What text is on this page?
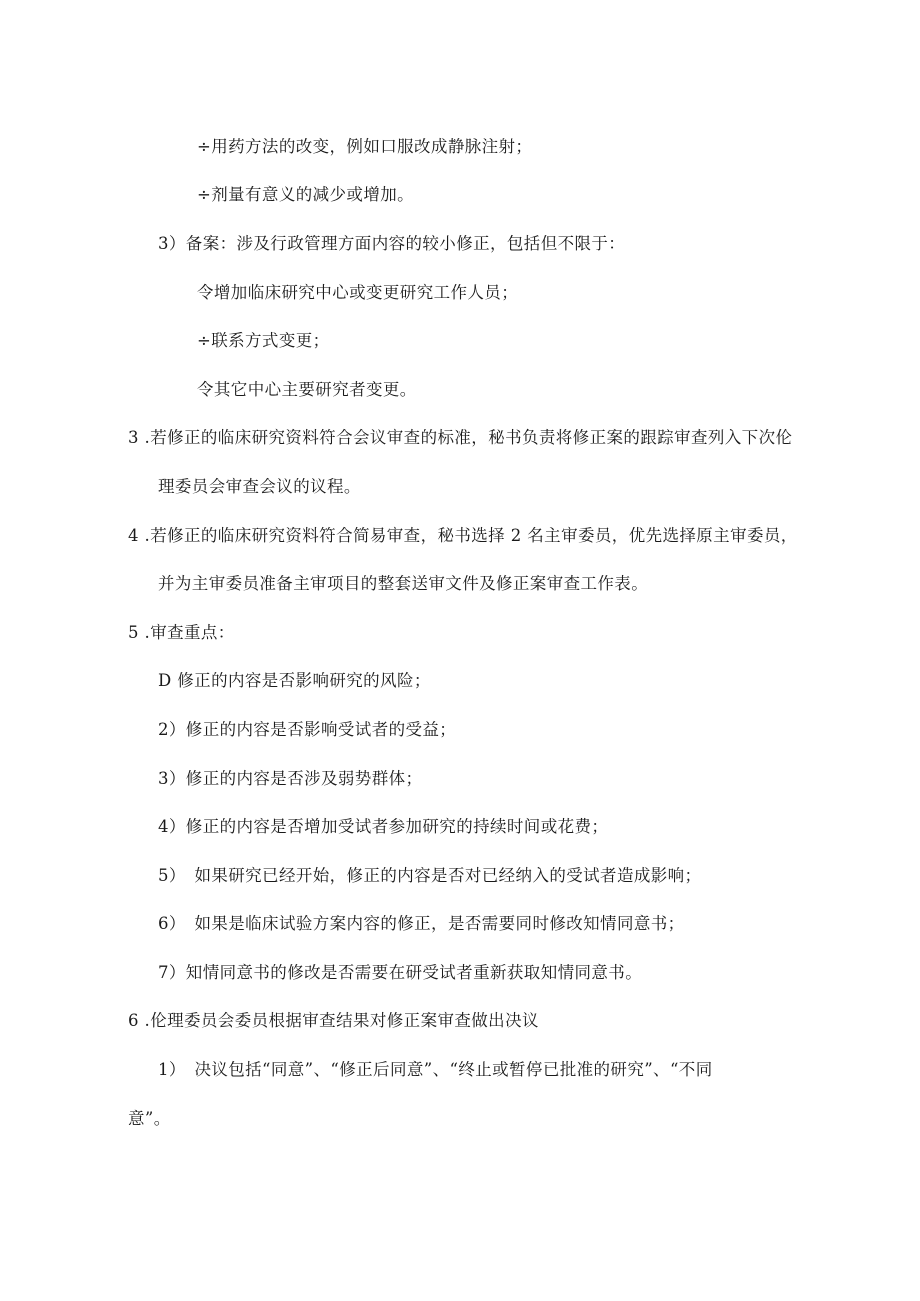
÷用药方法的改变，例如口服改成静脉注射；
÷剂量有意义的减少或增加。
3）备案：涉及行政管理方面内容的较小修正，包括但不限于：
令增加临床研究中心或变更研究工作人员；
÷联系方式变更；
令其它中心主要研究者变更。
3 .若修正的临床研究资料符合会议审查的标准，秘书负责将修正案的跟踪审查列入下次伦
理委员会审查会议的议程。
4 .若修正的临床研究资料符合简易审查，秘书选择 2 名主审委员，优先选择原主审委员，
并为主审委员准备主审项目的整套送审文件及修正案审查工作表。
5 .审查重点：
D 修正的内容是否影响研究的风险；
2）修正的内容是否影响受试者的受益；
3）修正的内容是否涉及弱势群体；
4）修正的内容是否增加受试者参加研究的持续时间或花费；
5）　如果研究已经开始，修正的内容是否对已经纳入的受试者造成影响；
6）　如果是临床试验方案内容的修正，是否需要同时修改知情同意书；
7）知情同意书的修改是否需要在研受试者重新获取知情同意书。
6 .伦理委员会委员根据审查结果对修正案审查做出决议
1）　决议包括“同意”、“修正后同意”、“终止或暂停已批准的研究”、“不同
意”。
